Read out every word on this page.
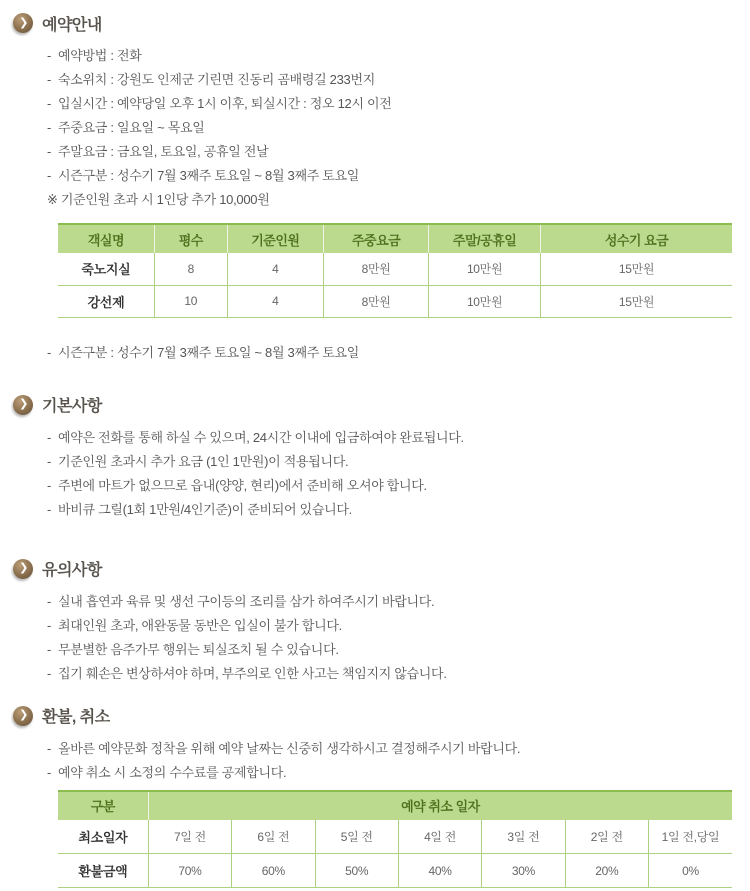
❯ 예약안내
- 예약방법 : 전화
- 숙소위치 : 강원도 인제군 기린면 진동리 곰배령길 233번지
- 입실시간 : 예약당일 오후 1시 이후, 퇴실시간 : 정오 12시 이전
- 주중요금 : 일요일 ~ 목요일
- 주말요금 : 금요일, 토요일, 공휴일 전날
- 시즌구분 : 성수기 7월 3째주 토요일 ~ 8월 3째주 토요일
※ 기준인원 초과 시 1인당 추가 10,000원
객실명	평수	기준인원	주중요금	주말/공휴일	성수기 요금
죽노지실	8	4	8만원	10만원	15만원
강선제	10	4	8만원	10만원	15만원
- 시즌구분 : 성수기 7월 3째주 토요일 ~ 8월 3째주 토요일
❯ 기본사항
- 예약은 전화를 통해 하실 수 있으며, 24시간 이내에 입금하여야 완료됩니다.
- 기준인원 초과시 추가 요금 (1인 1만원)이 적용됩니다.
- 주변에 마트가 없으므로 읍내(양양, 현리)에서 준비해 오셔야 합니다.
- 바비큐 그릴(1회 1만원/4인기준)이 준비되어 있습니다.
❯ 유의사항
- 실내 흡연과 육류 및 생선 구이등의 조리를 삼가 하여주시기 바랍니다.
- 최대인원 초과, 애완동물 동반은 입실이 불가 합니다.
- 무분별한 음주가무 행위는 퇴실조치 될 수 있습니다.
- 집기 훼손은 변상하셔야 하며, 부주의로 인한 사고는 책임지지 않습니다.
❯ 환불, 취소
- 올바른 예약문화 정착을 위해 예약 날짜는 신중히 생각하시고 결정해주시기 바랍니다.
- 예약 취소 시 소정의 수수료를 공제합니다.
구분	예약 취소 일자						
최소일자	7일 전	6일 전	5일 전	4일 전	3일 전	2일 전	1일 전,당일
환불금액	70%	60%	50%	40%	30%	20%	0%
